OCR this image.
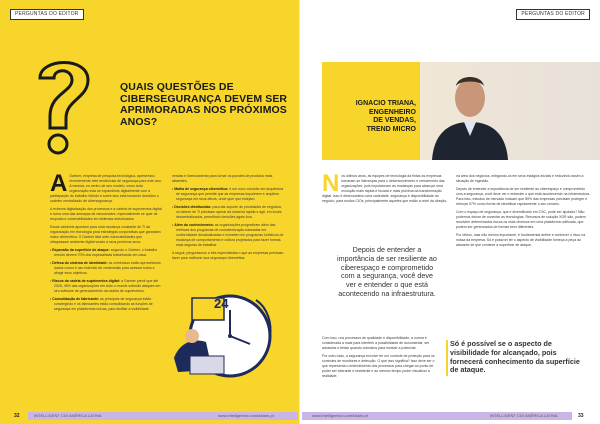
PERGUNTAS DO EDITOR
QUAIS QUESTÕES DE CIBERSEGURANÇA DEVEM SER APRIMORADAS NOS PRÓXIMOS ANOS?

A Gartner, empresa de pesquisa tecnológica, apresentou recentemente sete tendências de segurança para este ano. A mesma, no centro de seu modelo, como toda organização está se expandindo digitalmente com a participação do trabalho híbrido e sobre isso está tomando decisões o cadmim centralizado de cibersegurança.

A extrema digitalização dos processos e a cadeia de suprimentos digital e torna uma das ameaças de ransomware, especialmente se quer de resposta a vulnerabilidades em sistemas estruturados.

Essas variáveis apontam para uma mudança constante de TI da organização em tecnologia para estratégias corporativas que garantam maior cibernética. O Gartner lista sete vulnerabilidades que ultrapassam ambiente digital veado a seus próximos anos:

• Expansão da superfície de ataque: segundo o Gartner, o trabalho remoto deverá 70% dos especialistas trabalhando em casa.

• Defesa do sistema de identidade: os criminosos estão aproveitando dados novos e uso indevido de credenciais para acessar todos e atingir seus objetivos.

• Riscos da cadeia de suprimentos digital: a Gartner prevê que até 2025, 45% das organizações em todo o mundo sofrerão ataques em seu software de gerenciamento da cadeia de suprimentos.

• Consolidação de fabricante: as principais de segurança estão convergindo e os fabricantes estão consolidando as funções de segurança em plataformas únicas, para facilitar a visibilidade.

vendas e licenciamento para tornar os pacotes de produtos mais atraentes.

• Malha de segurança cibernética: é um novo conceito em arquitetura de segurança que permite que as empresas impolerem e ampliem segurança em seus ativos, onde quer que estejam.

• Decisões distribuídas: para dar suporte às prioridades de negócios, os líderes de TI precisam operar da maneira rápida e ágil, em locais descentralizados, permitindo decisões ágeis fora.

• Além do conhecimento: as organizações progrediram além das métricas dos programas de conscientização baseadas em conformidade desatualizadas e investem em programas holísticos de mudança de comportamento e cultura projetados para fazer formas mais seguras de trabalhar.

A seguir, perguntamos a três especialistas o que as empresas precisam fazer para melhorar sua segurança cibernética.

24
32	INTELLIGENT CIO AMÉRICA LATINA	www.intelligentcio.com/latam-pt
PERGUNTAS DO EDITOR
IGNACIO TRIANA,
ENGENHEIRO
DE VENDAS,
TREND MICRO

Nos últimos anos, as equipes de tecnologia da fintas as empresas tornaram-se lideranças para o desenvolvimento e crescimento das organizações, pois impulsionam as mudanças para alcançar uma evolução mais rápida e focada e mais próxima da transformação digital. Isso é desencadeou uma variedade, segurança e disponibilidade do negócio, para muitos CIOs, principalmente aqueles que estão a nível da direção.

Depois de entender a importância de ser resiliente ao ciberespaço e comprometido com a segurança, você deve ver e entender o que está acontecendo na infraestrutura.

Com isso, nos processos de qualidade e disponibilidade, a norma é considerada a mais para interferir a possibilidade de documentar, ser adotados e testar quando cobrados para motivar a potencial.

Por outro lado, a segurança envolve ter um controle de proteção para os controles de monitores e detecção. O que isso significa? Isso deve ser o que representa o entendimento dos processos para chegar ao ponto de poder ser tolerante e resistente e ao mesmo tempo poder visualizar a realidade.

na área dos negócios, mitigando-os em seus estágios iniciais e reduzindo assim a situação de ingestão.

Depois de entender a importância de ser resiliente ao ciberespaço e comprometido com a segurança, você deve ver e entender o que está acontecendo na infraestrutura. Para isso, estudos de mercado indicam que 89% das empresas precisam proteger e reforçar 57% como forma de identificar rapidamente o seu cenário.

Com o espaço de segurança, que é diversificado em CSC, pode ser ajudado? Não podemos deixar de conectar as tecnologias. Recursos de solução XDR são, podem resolvem determinados riscos os mais diversos em uma plataforma unificada, que podem ser gerenciados de formas bem diferentes.

Por último, mas não menos importante, é fundamental definir e conhecer o risco na nossa da empresa. Só é possível ter o aspecto de visibilidade forneça a peça ao atacante de que conhece a superfície de ataque.

Só é possível se o aspecto de visibilidade for alcançado, pois fornecerá conhecimento da superfície de ataque.
www.intelligentcio.com/latam-pt	INTELLIGENT CIO AMÉRICA LATINA	33
